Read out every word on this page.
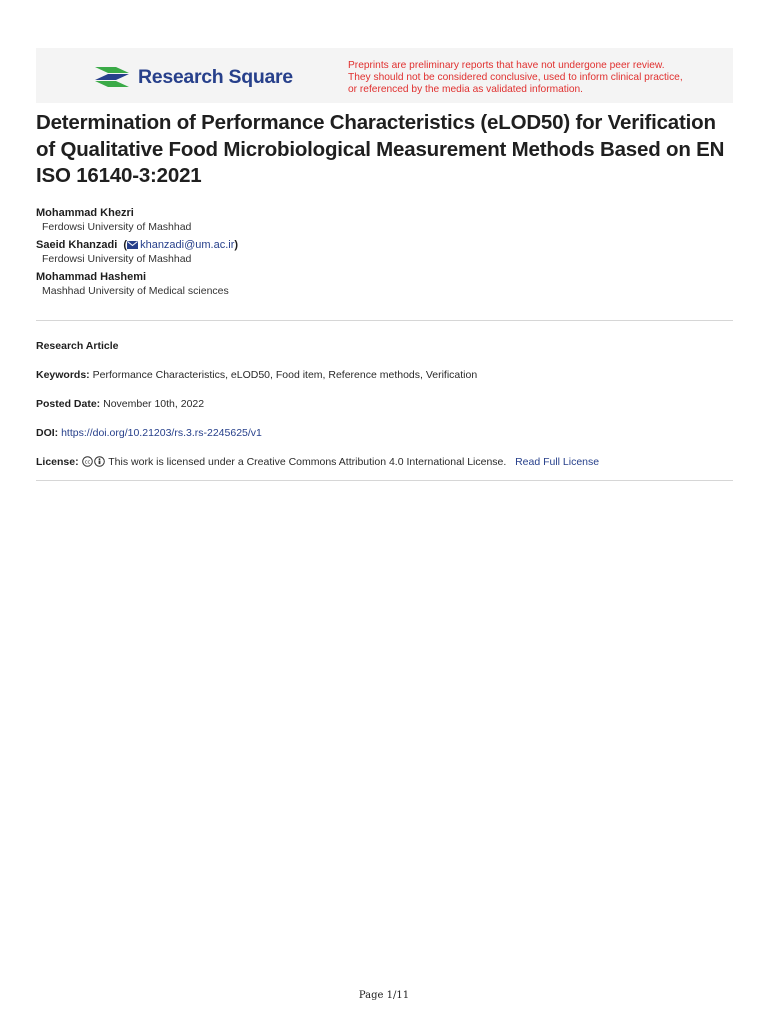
Research Square	Preprints are preliminary reports that have not undergone peer review.
They should not be considered conclusive, used to inform clinical practice,
or referenced by the media as validated information.
Determination of Performance Characteristics (eLOD50) for Verification of Qualitative Food Microbiological Measurement Methods Based on EN ISO 16140-3:2021
Mohammad Khezri
Ferdowsi University of Mashhad
Saeid Khanzadi  ( khanzadi@um.ac.ir)
Ferdowsi University of Mashhad
Mohammad Hashemi
Mashhad University of Medical sciences
Research Article
Keywords: Performance Characteristics, eLOD50, Food item, Reference methods, Verification
Posted Date: November 10th, 2022
DOI: https://doi.org/10.21203/rs.3.rs-2245625/v1
License: cc This work is licensed under a Creative Commons Attribution 4.0 International License. Read Full License
Page 1/11
